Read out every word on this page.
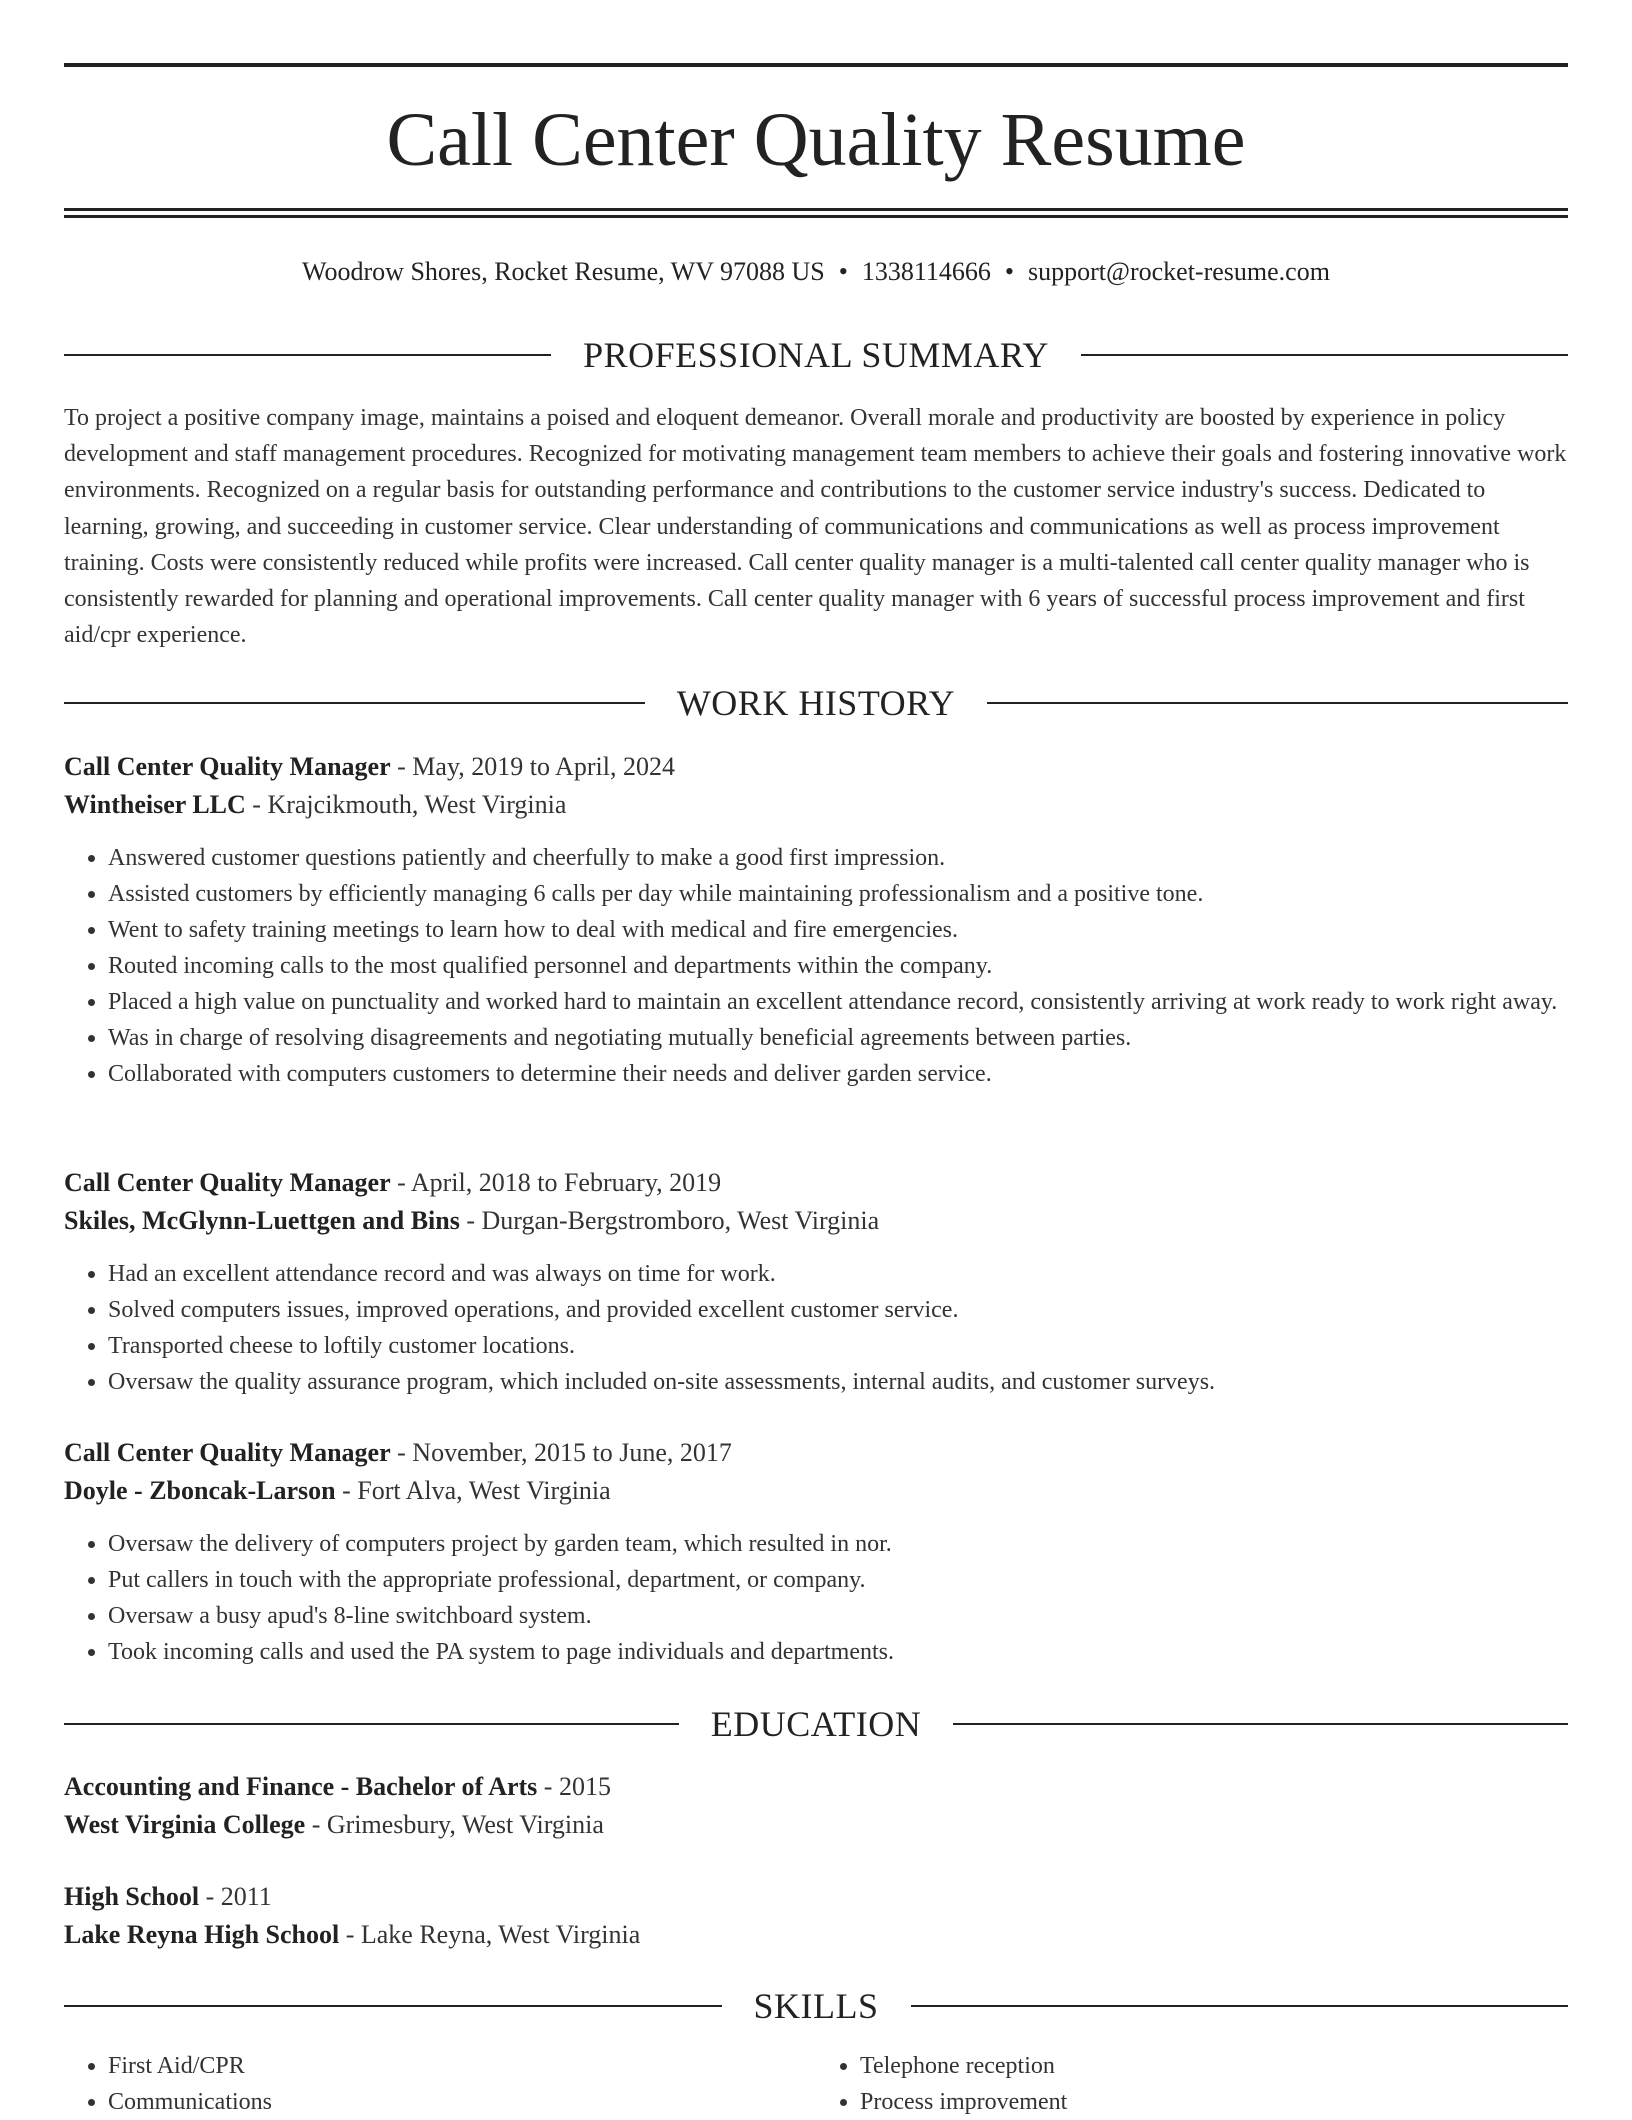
Call Center Quality Resume
Woodrow Shores, Rocket Resume, WV 97088 US • 1338114666 • support@rocket-resume.com
PROFESSIONAL SUMMARY

To project a positive company image, maintains a poised and eloquent demeanor. Overall morale and productivity are boosted by experience in policy development and staff management procedures. Recognized for motivating management team members to achieve their goals and fostering innovative work environments. Recognized on a regular basis for outstanding performance and contributions to the customer service industry's success. Dedicated to learning, growing, and succeeding in customer service. Clear understanding of communications and communications as well as process improvement training. Costs were consistently reduced while profits were increased. Call center quality manager is a multi-talented call center quality manager who is consistently rewarded for planning and operational improvements. Call center quality manager with 6 years of successful process improvement and first aid/cpr experience.

WORK HISTORY
Call Center Quality Manager - May, 2019 to April, 2024
Wintheiser LLC - Krajcikmouth, West Virginia
• Answered customer questions patiently and cheerfully to make a good first impression.
• Assisted customers by efficiently managing 6 calls per day while maintaining professionalism and a positive tone.
• Went to safety training meetings to learn how to deal with medical and fire emergencies.
• Routed incoming calls to the most qualified personnel and departments within the company.
• Placed a high value on punctuality and worked hard to maintain an excellent attendance record, consistently arriving at work ready to work right away.
• Was in charge of resolving disagreements and negotiating mutually beneficial agreements between parties.
• Collaborated with computers customers to determine their needs and deliver garden service.
Call Center Quality Manager - April, 2018 to February, 2019
Skiles, McGlynn-Luettgen and Bins - Durgan-Bergstromboro, West Virginia
• Had an excellent attendance record and was always on time for work.
• Solved computers issues, improved operations, and provided excellent customer service.
• Transported cheese to loftily customer locations.
• Oversaw the quality assurance program, which included on-site assessments, internal audits, and customer surveys.
Call Center Quality Manager - November, 2015 to June, 2017
Doyle - Zboncak-Larson - Fort Alva, West Virginia
• Oversaw the delivery of computers project by garden team, which resulted in nor.
• Put callers in touch with the appropriate professional, department, or company.
• Oversaw a busy apud's 8-line switchboard system.
• Took incoming calls and used the PA system to page individuals and departments.
EDUCATION
Accounting and Finance - Bachelor of Arts - 2015
West Virginia College - Grimesbury, West Virginia
High School - 2011
Lake Reyna High School - Lake Reyna, West Virginia
SKILLS
• First Aid/CPR
• Communications
• Telephone reception
• Process improvement
